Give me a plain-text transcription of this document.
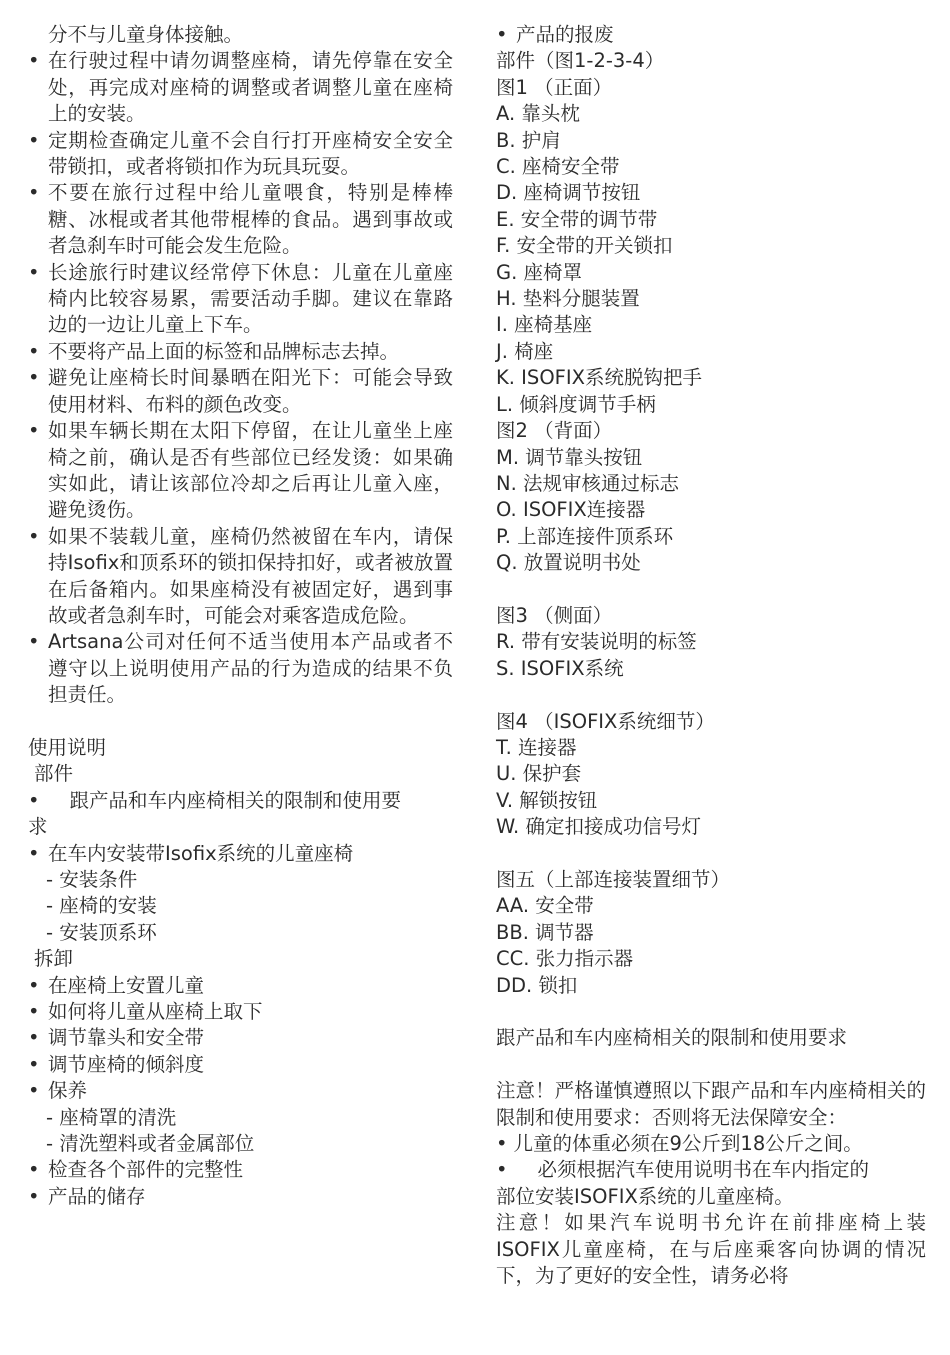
分不与儿童身体接触。
• 在行驶过程中请勿调整座椅，请先停靠在安全处，再完成对座椅的调整或者调整儿童在座椅上的安装。
• 定期检查确定儿童不会自行打开座椅安全安全带锁扣，或者将锁扣作为玩具玩耍。
• 不要在旅行过程中给儿童喂食，特别是棒棒糖、冰棍或者其他带棍棒的食品。遇到事故或者急刹车时可能会发生危险。
• 长途旅行时建议经常停下休息：儿童在儿童座椅内比较容易累，需要活动手脚。建议在靠路边的一边让儿童上下车。
• 不要将产品上面的标签和品牌标志去掉。
• 避免让座椅长时间暴晒在阳光下：可能会导致使用材料、布料的颜色改变。
• 如果车辆长期在太阳下停留，在让儿童坐上座椅之前，确认是否有些部位已经发烫：如果确实如此，请让该部位冷却之后再让儿童入座，避免烫伤。
• 如果不装载儿童，座椅仍然被留在车内，请保持Isofix和顶系环的锁扣保持扣好，或者被放置在后备箱内。如果座椅没有被固定好，遇到事故或者急刹车时，可能会对乘客造成危险。
• Artsana公司对任何不适当使用本产品或者不遵守以上说明使用产品的行为造成的结果不负担责任。
使用说明
部件
• 跟产品和车内座椅相关的限制和使用要
求
• 在车内安装带Isofix系统的儿童座椅
- 安装条件
- 座椅的安装
- 安装顶系环
拆卸
• 在座椅上安置儿童
• 如何将儿童从座椅上取下
• 调节靠头和安全带
• 调节座椅的倾斜度
• 保养
- 座椅罩的清洗
- 清洗塑料或者金属部位
• 检查各个部件的完整性
• 产品的储存
• 产品的报废
部件（图1-2-3-4）
图1 （正面）
A. 靠头枕
B. 护肩
C. 座椅安全带
D. 座椅调节按钮
E. 安全带的调节带
F. 安全带的开关锁扣
G. 座椅罩
H. 垫料分腿装置
I. 座椅基座
J. 椅座
K. ISOFIX系统脱钩把手
L. 倾斜度调节手柄
图2 （背面）
M. 调节靠头按钮
N. 法规审核通过标志
O. ISOFIX连接器
P. 上部连接件顶系环
Q. 放置说明书处
图3 （侧面）
R. 带有安装说明的标签
S. ISOFIX系统
图4 （ISOFIX系统细节）
T. 连接器
U. 保护套
V. 解锁按钮
W. 确定扣接成功信号灯
图五（上部连接装置细节）
AA. 安全带
BB. 调节器
CC. 张力指示器
DD. 锁扣
跟产品和车内座椅相关的限制和使用要求
注意！严格谨慎遵照以下跟产品和车内座椅相关的限制和使用要求：否则将无法保障安全：
• 儿童的体重必须在9公斤到18公斤之间。
• 必须根据汽车使用说明书在车内指定的
部位安装ISOFIX系统的儿童座椅。
注意！如果汽车说明书允许在前排座椅上装ISOFIX儿童座椅，在与后座乘客向协调的情况下，为了更好的安全性，请务必将
